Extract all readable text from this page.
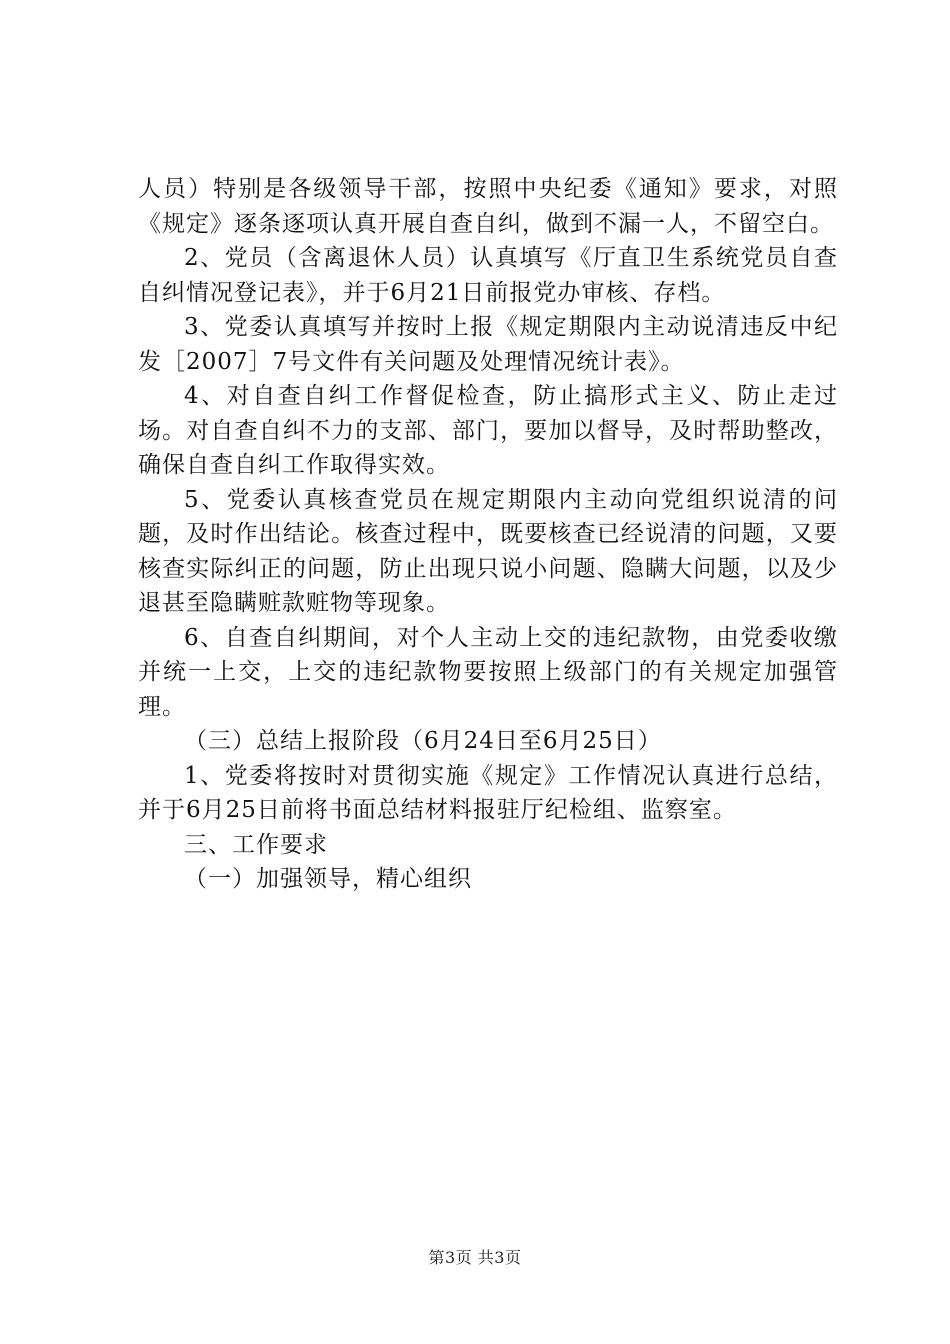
人员）特别是各级领导干部，按照中央纪委《通知》要求，对照《规定》逐条逐项认真开展自查自纠，做到不漏一人，不留空白。

2、党员（含离退休人员）认真填写《厅直卫生系统党员自查自纠情况登记表》，并于6月21日前报党办审核、存档。

3、党委认真填写并按时上报《规定期限内主动说清违反中纪发［2007］7号文件有关问题及处理情况统计表》。

4、对自查自纠工作督促检查，防止搞形式主义、防止走过场。对自查自纠不力的支部、部门，要加以督导，及时帮助整改，确保自查自纠工作取得实效。

5、党委认真核查党员在规定期限内主动向党组织说清的问题，及时作出结论。核查过程中，既要核查已经说清的问题，又要核查实际纠正的问题，防止出现只说小问题、隐瞒大问题，以及少退甚至隐瞒赃款赃物等现象。

6、自查自纠期间，对个人主动上交的违纪款物，由党委收缴并统一上交，上交的违纪款物要按照上级部门的有关规定加强管理。

（三）总结上报阶段（6月24日至6月25日）

1、党委将按时对贯彻实施《规定》工作情况认真进行总结，并于6月25日前将书面总结材料报驻厅纪检组、监察室。

三、工作要求

（一）加强领导，精心组织

第3页 共3页
